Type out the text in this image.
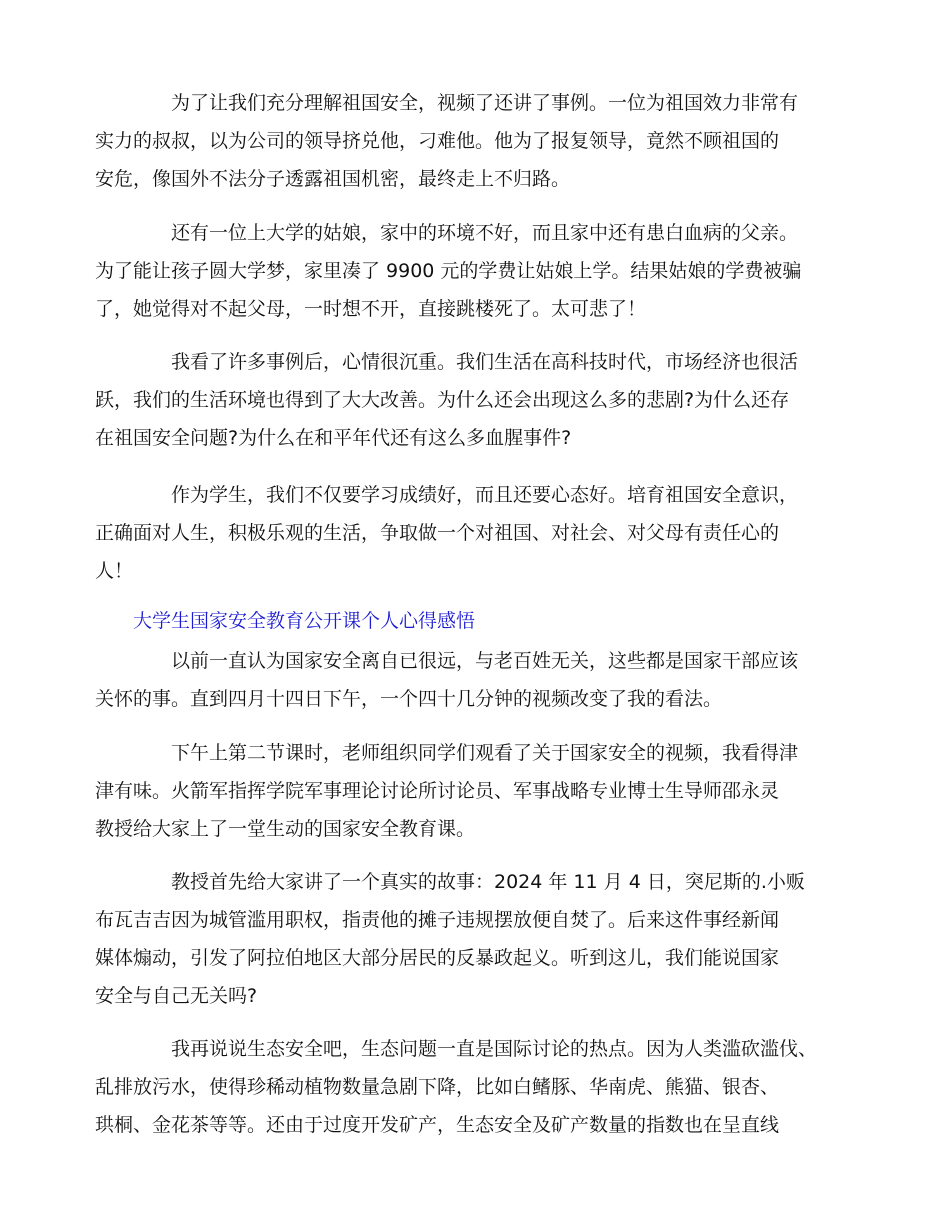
为了让我们充分理解祖国安全，视频了还讲了事例。一位为祖国效力非常有
实力的叔叔，以为公司的领导挤兑他，刁难他。他为了报复领导，竟然不顾祖国的
安危，像国外不法分子透露祖国机密，最终走上不归路。
还有一位上大学的姑娘，家中的环境不好，而且家中还有患白血病的父亲。
为了能让孩子圆大学梦，家里凑了 9900 元的学费让姑娘上学。结果姑娘的学费被骗
了，她觉得对不起父母，一时想不开，直接跳楼死了。太可悲了！
我看了许多事例后，心情很沉重。我们生活在高科技时代，市场经济也很活
跃，我们的生活环境也得到了大大改善。为什么还会出现这么多的悲剧?为什么还存
在祖国安全问题?为什么在和平年代还有这么多血腥事件?
作为学生，我们不仅要学习成绩好，而且还要心态好。培育祖国安全意识，
正确面对人生，积极乐观的生活，争取做一个对祖国、对社会、对父母有责任心的
人！
大学生国家安全教育公开课个人心得感悟
以前一直认为国家安全离自已很远，与老百姓无关，这些都是国家干部应该
关怀的事。直到四月十四日下午，一个四十几分钟的视频改变了我的看法。
下午上第二节课时，老师组织同学们观看了关于国家安全的视频，我看得津
津有味。火箭军指挥学院军事理论讨论所讨论员、军事战略专业博士生导师邵永灵
教授给大家上了一堂生动的国家安全教育课。
教授首先给大家讲了一个真实的故事：2024 年 11 月 4 日，突尼斯的.小贩
布瓦吉吉因为城管滥用职权，指责他的摊子违规摆放便自焚了。后来这件事经新闻
媒体煽动，引发了阿拉伯地区大部分居民的反暴政起义。听到这儿，我们能说国家
安全与自己无关吗?
我再说说生态安全吧，生态问题一直是国际讨论的热点。因为人类滥砍滥伐、
乱排放污水，使得珍稀动植物数量急剧下降，比如白鳍豚、华南虎、熊猫、银杏、
珙桐、金花茶等等。还由于过度开发矿产，生态安全及矿产数量的指数也在呈直线
